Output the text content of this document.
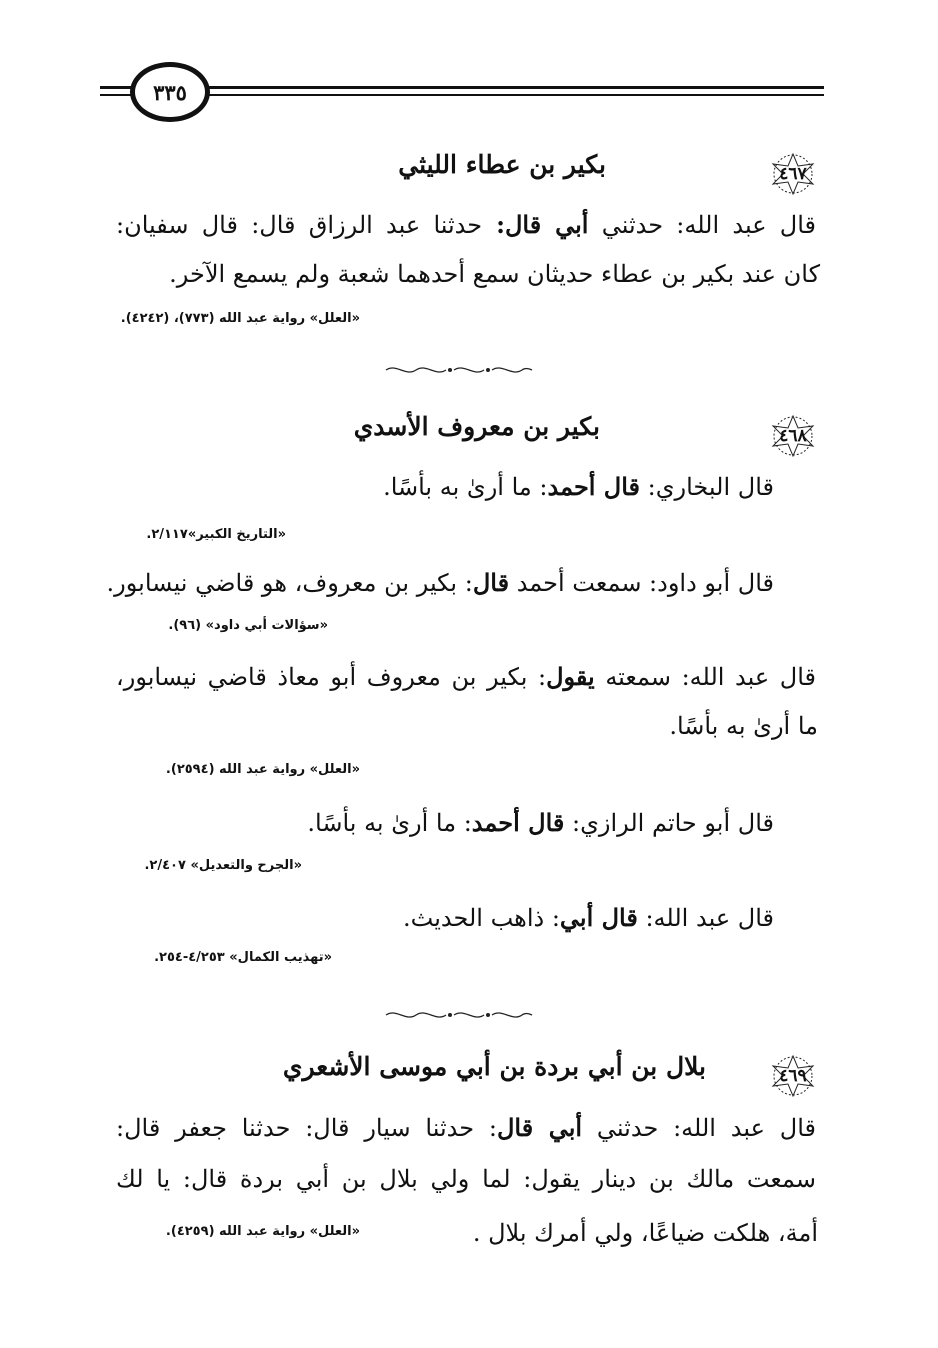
٣٣٥
٤٦٧
بكير بن عطاء الليثي
قال عبد الله: حدثني أبي قال: حدثنا عبد الرزاق قال: قال سفيان:
كان عند بكير بن عطاء حديثان سمع أحدهما شعبة ولم يسمع الآخر.
«العلل» رواية عبد الله (٧٧٣)، (٤٢٤٢).
٤٦٨
بكير بن معروف الأسدي
قال البخاري: قال أحمد: ما أرىٰ به بأسًا.
«التاريخ الكبير»٢/١١٧.
قال أبو داود: سمعت أحمد قال: بكير بن معروف، هو قاضي نيسابور.
«سؤالات أبي داود» (٩٦).
قال عبد الله: سمعته يقول: بكير بن معروف أبو معاذ قاضي نيسابور،
ما أرىٰ به بأسًا.
«العلل» رواية عبد الله (٢٥٩٤).
قال أبو حاتم الرازي: قال أحمد: ما أرىٰ به بأسًا.
«الجرح والتعديل» ٢/٤٠٧.
قال عبد الله: قال أبي: ذاهب الحديث.
«تهذيب الكمال» ٤/٢٥٣-٢٥٤.
٤٦٩
بلال بن أبي بردة بن أبي موسى الأشعري
قال عبد الله: حدثني أبي قال: حدثنا سيار قال: حدثنا جعفر قال:
سمعت مالك بن دينار يقول: لما ولي بلال بن أبي بردة قال: يا لك
أمة، هلكت ضياعًا، ولي أمرك بلال .
«العلل» رواية عبد الله (٤٢٥٩).
